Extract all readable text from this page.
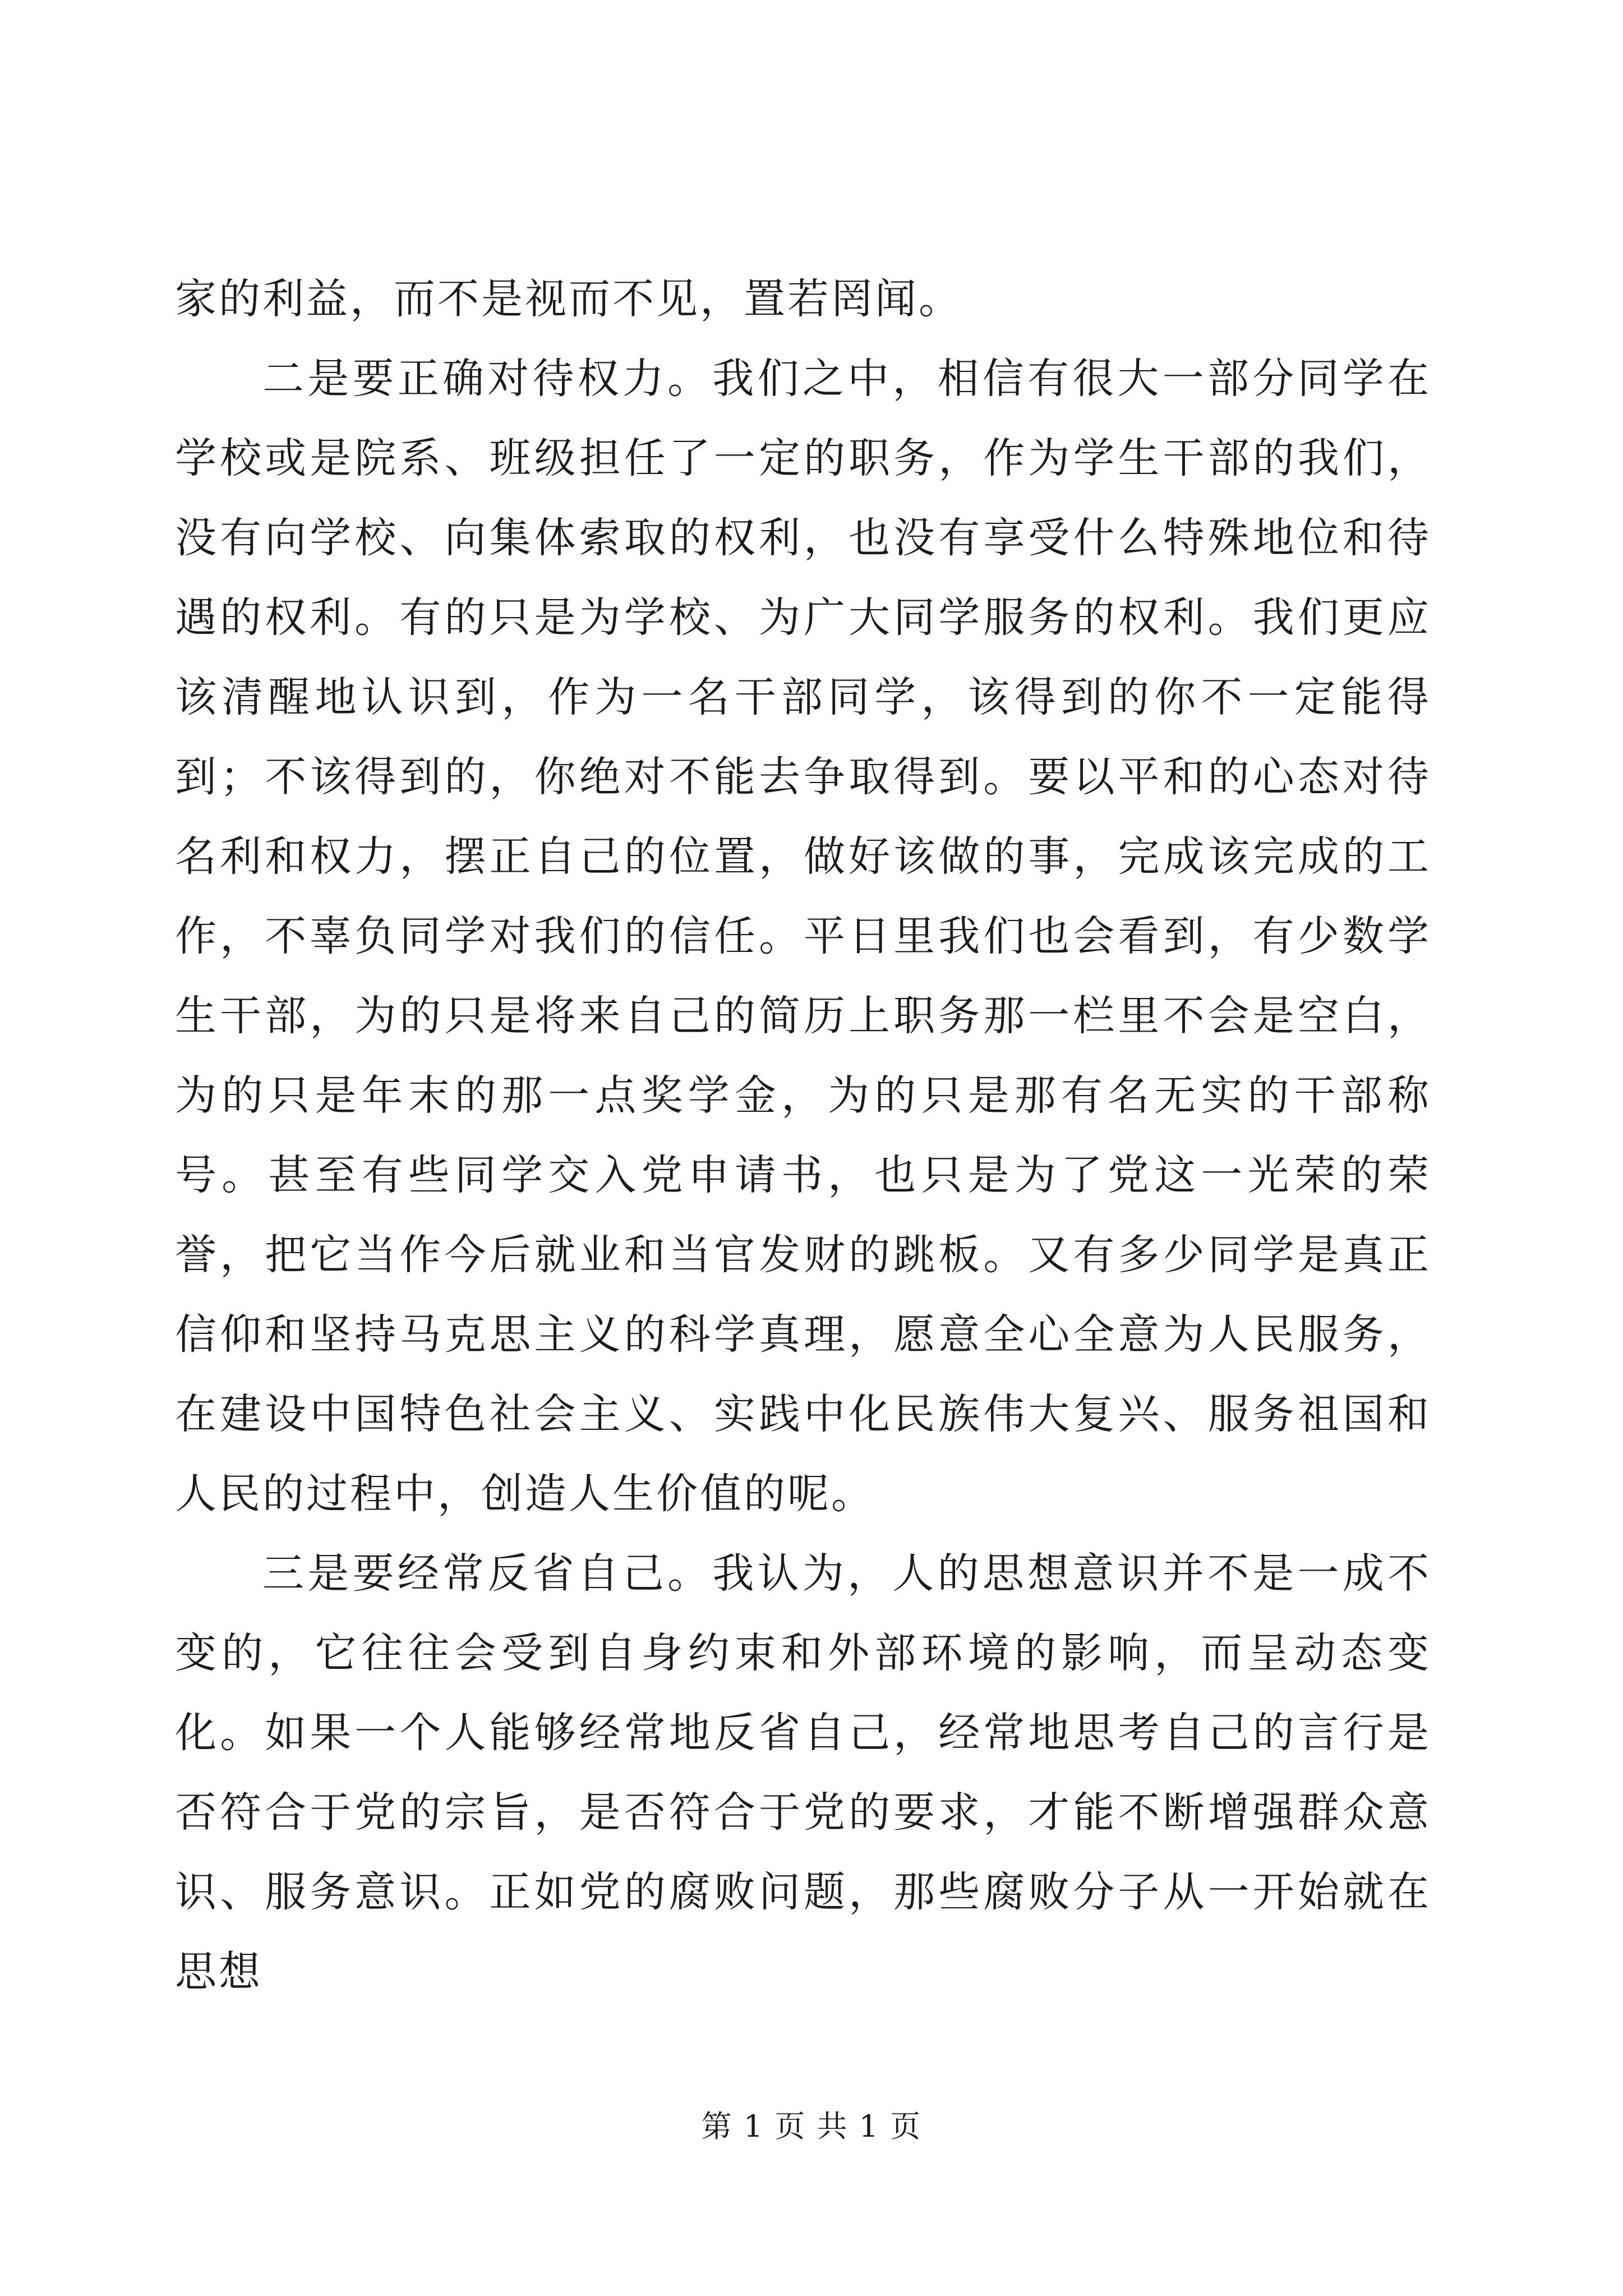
家的利益，而不是视而不见，置若罔闻。

二是要正确对待权力。我们之中，相信有很大一部分同学在学校或是院系、班级担任了一定的职务，作为学生干部的我们，没有向学校、向集体索取的权利，也没有享受什么特殊地位和待遇的权利。有的只是为学校、为广大同学服务的权利。我们更应该清醒地认识到，作为一名干部同学，该得到的你不一定能得到；不该得到的，你绝对不能去争取得到。要以平和的心态对待名利和权力，摆正自己的位置，做好该做的事，完成该完成的工作，不辜负同学对我们的信任。平日里我们也会看到，有少数学生干部，为的只是将来自己的简历上职务那一栏里不会是空白，为的只是年末的那一点奖学金，为的只是那有名无实的干部称号。甚至有些同学交入党申请书，也只是为了党这一光荣的荣誉，把它当作今后就业和当官发财的跳板。又有多少同学是真正信仰和坚持马克思主义的科学真理，愿意全心全意为人民服务，在建设中国特色社会主义、实践中化民族伟大复兴、服务祖国和人民的过程中，创造人生价值的呢。

三是要经常反省自己。我认为，人的思想意识并不是一成不变的，它往往会受到自身约束和外部环境的影响，而呈动态变化。如果一个人能够经常地反省自己，经常地思考自己的言行是否符合于党的宗旨，是否符合于党的要求，才能不断增强群众意识、服务意识。正如党的腐败问题，那些腐败分子从一开始就在思想

第 1 页 共 1 页
